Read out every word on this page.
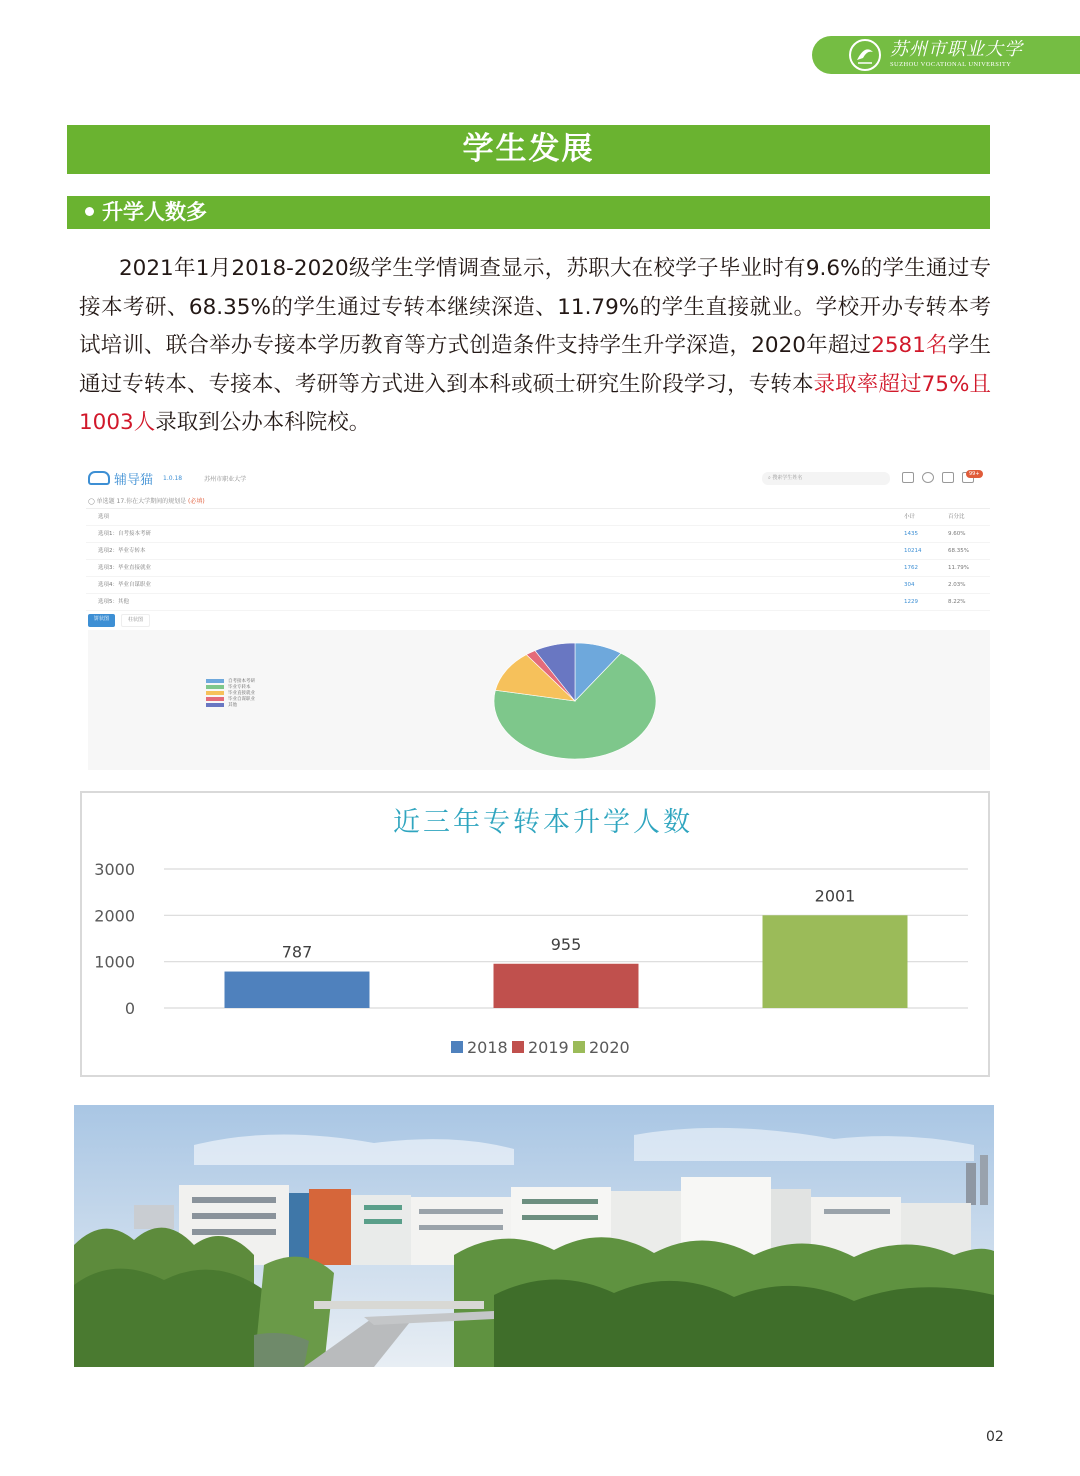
苏州市职业大学
SUZHOU VOCATIONAL UNIVERSITY
学生发展
升学人数多
2021年1月2018-2020级学生学情调查显示，苏职大在校学子毕业时有9.6%的学生通过专接本考研、68.35%的学生通过专转本继续深造、11.79%的学生直接就业。学校开办专转本考试培训、联合举办专接本学历教育等方式创造条件支持学生升学深造，2020年超过2581名学生通过专转本、专接本、考研等方式进入到本科或硕士研究生阶段学习，专转本录取率超过75%且1003人录取到公办本科院校。
辅导猫 1.0.18	苏州市职业大学	⌕ 搜索学生姓名
99+
◯ 单选题 17.你在大学期间的规划是 (必填)
选项	小计	百分比
选项1：自考接本考研	1435	9.60%
选项2：毕业专转本	10214	68.35%
选项3：毕业直接就业	1762	11.79%
选项4：毕业自谋职业	304	2.03%
选项5：其他	1229	8.22%
饼状图	柱状图
自考接本考研
毕业专转本
毕业直接就业
毕业自谋职业
其他
近三年专转本升学人数
0
1000
2000
3000
787	955
2001
2018 2019 2020
02
